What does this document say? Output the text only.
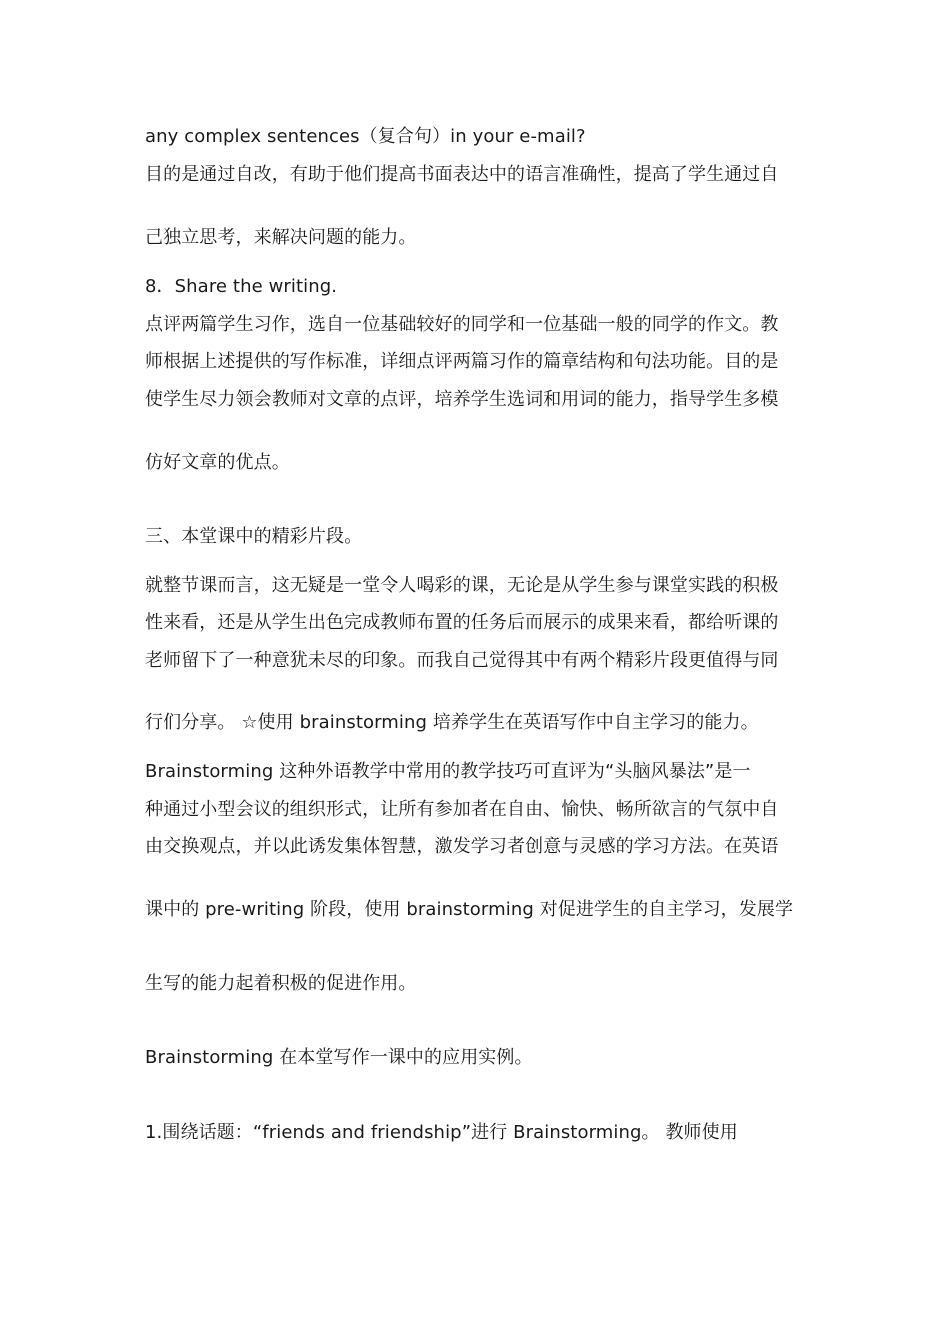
any complex sentences（复合句）in your e-mail?
目的是通过自改，有助于他们提高书面表达中的语言准确性，提高了学生通过自
己独立思考，来解决问题的能力。
8．Share the writing.
点评两篇学生习作，选自一位基础较好的同学和一位基础一般的同学的作文。教
师根据上述提供的写作标准，详细点评两篇习作的篇章结构和句法功能。目的是
使学生尽力领会教师对文章的点评，培养学生选词和用词的能力，指导学生多模
仿好文章的优点。
三、本堂课中的精彩片段。
就整节课而言，这无疑是一堂令人喝彩的课，无论是从学生参与课堂实践的积极
性来看，还是从学生出色完成教师布置的任务后而展示的成果来看，都给听课的
老师留下了一种意犹未尽的印象。而我自己觉得其中有两个精彩片段更值得与同
行们分享。 ☆使用 brainstorming 培养学生在英语写作中自主学习的能力。
Brainstorming 这种外语教学中常用的教学技巧可直评为“头脑风暴法”是一
种通过小型会议的组织形式，让所有参加者在自由、愉快、畅所欲言的气氛中自
由交换观点，并以此诱发集体智慧，激发学习者创意与灵感的学习方法。在英语
课中的 pre-writing 阶段，使用 brainstorming 对促进学生的自主学习，发展学
生写的能力起着积极的促进作用。
Brainstorming 在本堂写作一课中的应用实例。
1.围绕话题：“friends and friendship”进行 Brainstorming。 教师使用
